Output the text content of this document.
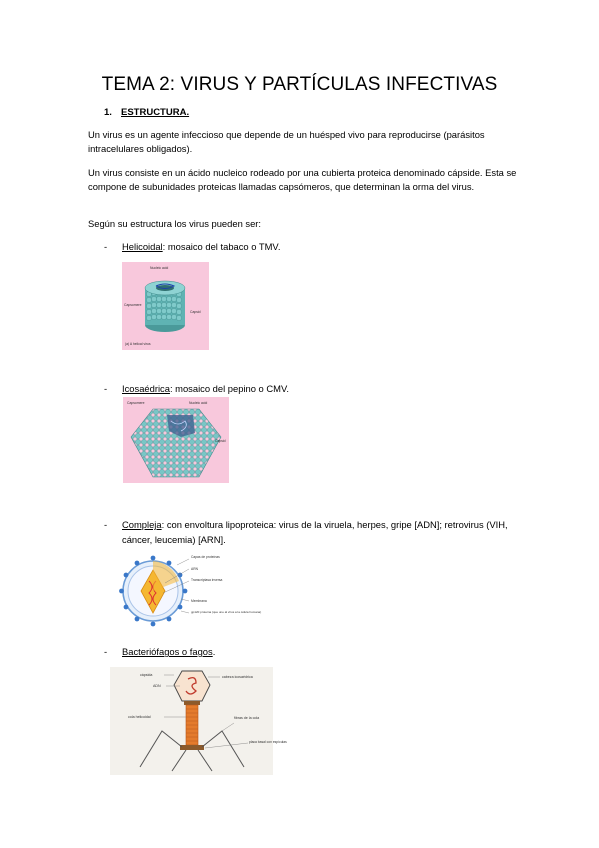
TEMA 2: VIRUS Y PARTÍCULAS INFECTIVAS
1. ESTRUCTURA.
Un virus es un agente infeccioso que depende de un huésped vivo para reproducirse (parásitos intracelulares obligados).
Un virus consiste en un ácido nucleico rodeado por una cubierta proteica denominado cápside. Esta se compone de subunidades proteicas llamadas capsómeros, que determinan la orma del virus.
Según su estructura los virus pueden ser:
- Helicoidal: mosaico del tabaco o TMV.
Nucleic acid
Capsomere
Capsid
(a) A helical virus
- Icosaédrica: mosaico del pepino o CMV.
Capsomere	Nucleic acid
Capsid
- Compleja: con envoltura lipoproteica: virus de la viruela, herpes, gripe [ADN]; retrovirus (VIH, cáncer, leucemia) [ARN].
Capas de proteínas
ARN
Transcriptasa inversa
Membrana
gp120 proteína (que une al virus a la célula humana)
- Bacteriófagos o fagos.
cápsida
ADN
cabeza icosaédrica
cola helicoidal	fibras de la cola
placa basal con espículas
